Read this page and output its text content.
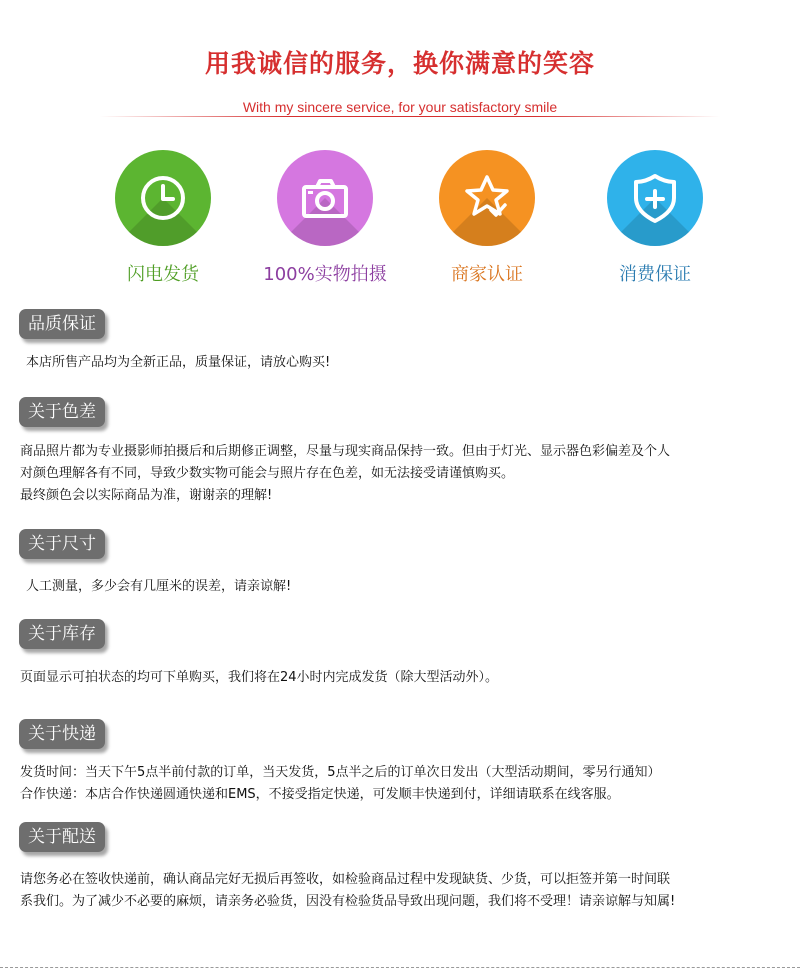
用我诚信的服务，换你满意的笑容
With my sincere service, for your satisfactory smile
闪电发货	100%实物拍摄	商家认证	消费保证
品质保证
本店所售产品均为全新正品，质量保证，请放心购买!
关于色差
商品照片都为专业摄影师拍摄后和后期修正调整，尽量与现实商品保持一致。但由于灯光、显示器色彩偏差及个人
对颜色理解各有不同，导致少数实物可能会与照片存在色差，如无法接受请谨慎购买。
最终颜色会以实际商品为准，谢谢亲的理解!
关于尺寸
人工测量，多少会有几厘米的误差，请亲谅解!
关于库存
页面显示可拍状态的均可下单购买，我们将在24小时内完成发货（除大型活动外）。
关于快递
发货时间：当天下午5点半前付款的订单，当天发货，5点半之后的订单次日发出（大型活动期间，零另行通知）
合作快递：本店合作快递圆通快递和EMS，不接受指定快递，可发顺丰快递到付，详细请联系在线客服。
关于配送
请您务必在签收快递前，确认商品完好无损后再签收，如检验商品过程中发现缺货、少货，可以拒签并第一时间联
系我们。为了减少不必要的麻烦，请亲务必验货，因没有检验货品导致出现问题，我们将不受理！请亲谅解与知属!
